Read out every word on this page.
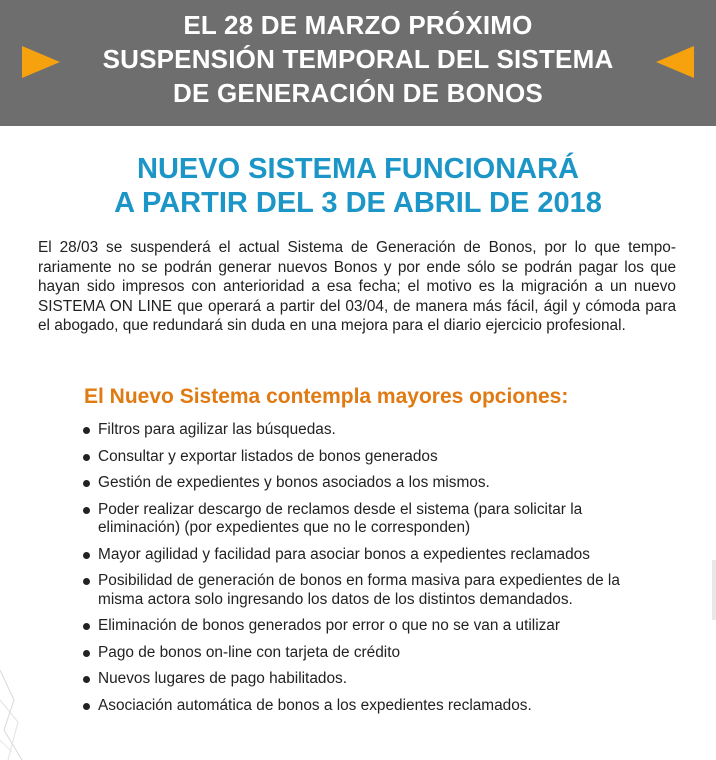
EL 28 DE MARZO PRÓXIMO
SUSPENSIÓN TEMPORAL DEL SISTEMA
DE GENERACIÓN DE BONOS
NUEVO SISTEMA FUNCIONARÁ
A PARTIR DEL 3 DE ABRIL DE 2018

El 28/03 se suspenderá el actual Sistema de Generación de Bonos, por lo que temporariamente no se podrán generar nuevos Bonos y por ende sólo se podrán pagar los que hayan sido impresos con anterioridad a esa fecha; el motivo es la migración a un nuevo SISTEMA ON LINE que operará a partir del 03/04, de manera más fácil, ágil y cómoda para el abogado, que redundará sin duda en una mejora para el diario ejercicio profesional.

El Nuevo Sistema contempla mayores opciones:
Filtros para agilizar las búsquedas.
Consultar y exportar listados de bonos generados
Gestión de expedientes y bonos asociados a los mismos.
Poder realizar descargo de reclamos desde el sistema (para solicitar la eliminación) (por expedientes que no le corresponden)
Mayor agilidad y facilidad para asociar bonos a expedientes reclamados
Posibilidad de generación de bonos en forma masiva para expedientes de la misma actora solo ingresando los datos de los distintos demandados.
Eliminación de bonos generados por error o que no se van a utilizar
Pago de bonos on-line con tarjeta de crédito
Nuevos lugares de pago habilitados.
Asociación automática de bonos a los expedientes reclamados.
